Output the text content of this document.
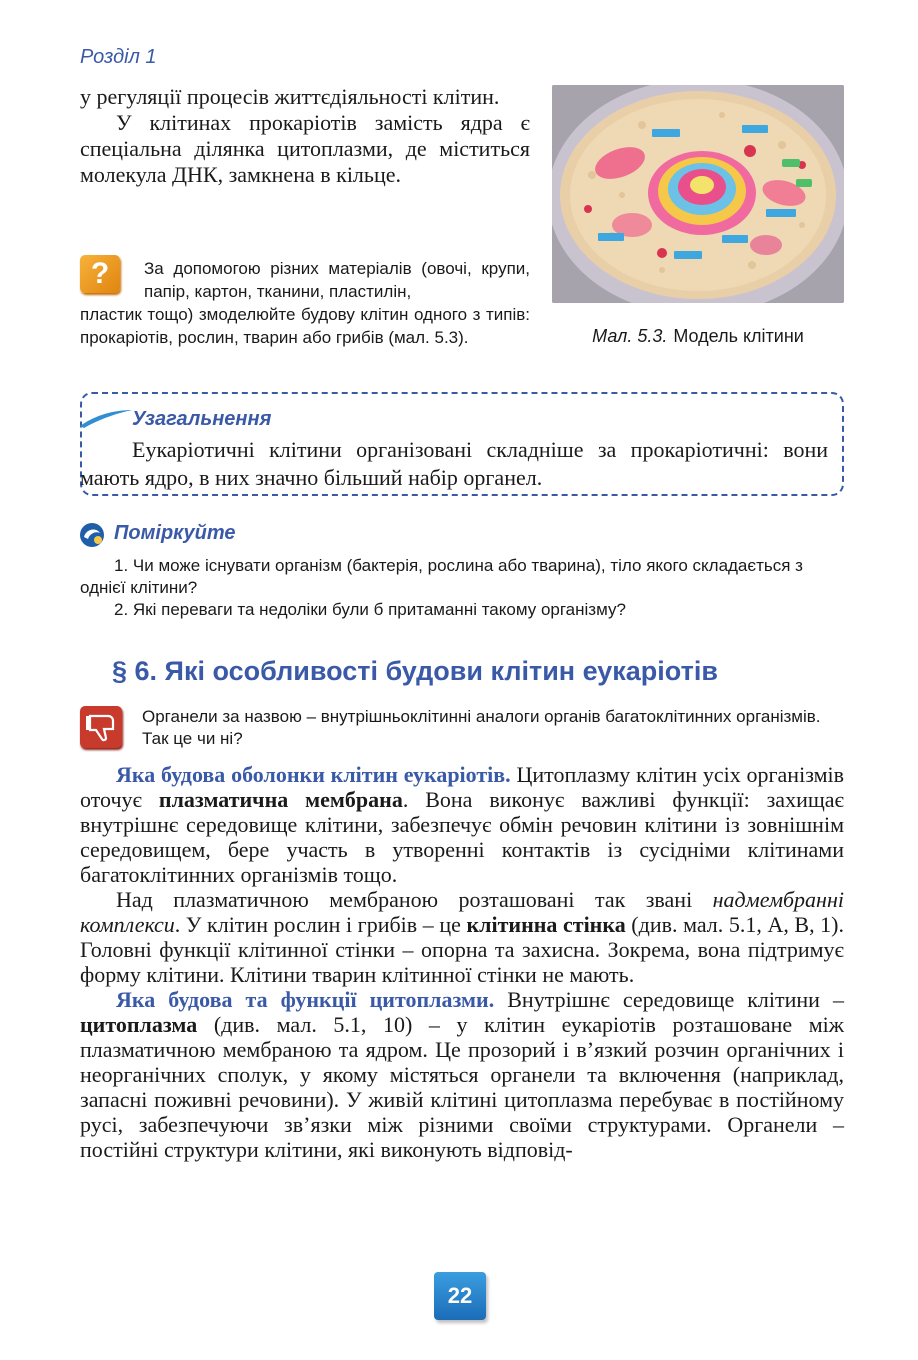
Розділ 1

у регуляції процесів життєдіяльності клітин.

У клітинах прокаріотів замість ядра є спеціальна ділянка цитоплазми, де міститься молекула ДНК, замкнена в кільце.

?	За допомогою різних матеріалів (овочі, крупи, папір, картон, тканини, пластилін,
пластик тощо) змоделюйте будову клітин одного з типів: прокаріотів, рослин, тварин або грибів (мал. 5.3).	Мал. 5.3. Модель клітини
Узагальнення

Еукаріотичні клітини організовані складніше за прокаріотичні: вони мають ядро, в них значно більший набір органел.

Поміркуйте
1. Чи може існувати організм (бактерія, рослина або тварина), тіло якого складається з однієї клітини?
2. Які переваги та недоліки були б притаманні такому організму?
§ 6. Які особливості будови клітин еукаріотів
Органели за назвою – внутрішньоклітинні аналоги органів багатоклітинних організмів. Так це чи ні?

Яка будова оболонки клітин еукаріотів. Цитоплазму клітин усіх організмів оточує плазматична мембрана. Вона виконує важливі функції: захищає внутрішнє середовище клітини, забезпечує обмін речовин клітини із зовнішнім середовищем, бере участь в утворенні контактів із сусідніми клітинами багатоклітинних організмів тощо.

Над плазматичною мембраною розташовані так звані надмембранні комплекси. У клітин рослин і грибів – це клітинна стінка (див. мал. 5.1, А, В, 1). Головні функції клітинної стінки – опорна та захисна. Зокрема, вона підтримує форму клітини. Клітини тварин клітинної стінки не мають.

Яка будова та функції цитоплазми. Внутрішнє середовище клітини – цитоплазма (див. мал. 5.1, 10) – у клітин еукаріотів розташоване між плазматичною мембраною та ядром. Це прозорий і в’язкий розчин органічних і неорганічних сполук, у якому містяться органели та включення (наприклад, запасні поживні речовини). У живій клітині цитоплазма перебуває в постійному русі, забезпечуючи зв’язки між різними своїми структурами. Органели – постійні структури клітини, які виконують відповід-

22
